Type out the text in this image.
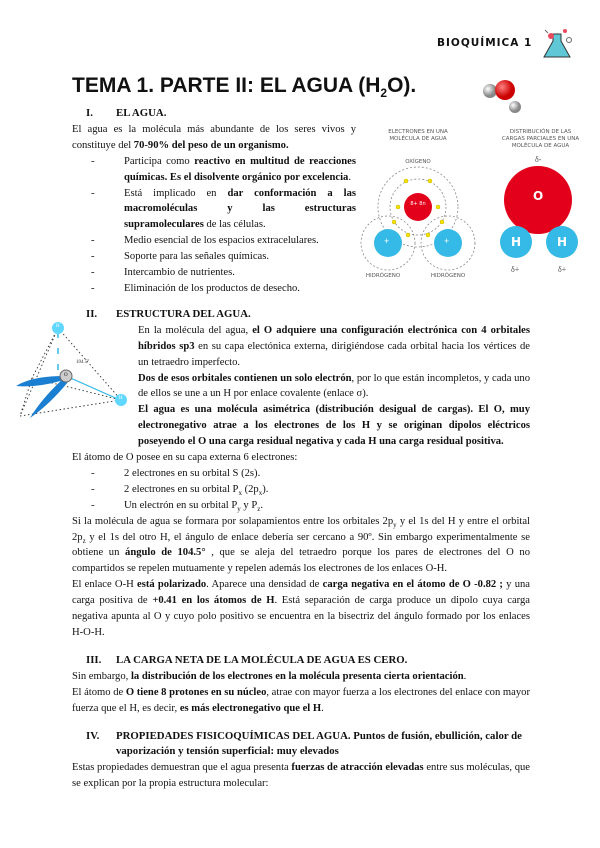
BIOQUÍMICA 1
TEMA 1. PARTE II: EL AGUA $(H_2O)$.
ELECTRONES EN UNA MOLÉCULA DE AGUA
DISTRIBUCIÓN DE LAS CARGAS PARCIALES EN UNA MOLÉCULA DE AGUA
OXÍGENO
HIDRÓGENO	HIDRÓGENO
8+ 8n
+	+
O
H	H
δ-
δ+	δ+
H
H
O
104.5°
I. EL AGUA.

El agua es la molécula más abundante de los seres vivos y constituye del 70-90% del peso de un organismo.

- Participa como reactivo en multitud de reacciones químicas. Es el disolvente orgánico por excelencia.
- Está implicado en dar conformación a las macromoléculas y las estructuras supramoleculares de las células.
- Medio esencial de los espacios extracelulares.
- Soporte para las señales químicas.
- Intercambio de nutrientes.
- Eliminación de los productos de desecho.
II. ESTRUCTURA DEL AGUA.

En la molécula del agua, el O adquiere una configuración electrónica con 4 orbitales híbridos sp3 en su capa electónica externa, dirigiéndose cada orbital hacia los vértices de un tetraedro imperfecto.

Dos de esos orbitales contienen un solo electrón, por lo que están incompletos, y cada uno de ellos se une a un H por enlace covalente (enlace σ).

El agua es una molécula asimétrica (distribución desigual de cargas). El O, muy electronegativo atrae a los electrones de los H y se originan dipolos eléctricos poseyendo el O una carga residual negativa y cada H una carga residual positiva.

El átomo de O posee en su capa externa 6 electrones:

- 2 electrones en su orbital S (2s).
- 2 electrones en su orbital $P_x$ $(2p_x)$.
- Un electrón en su orbital $P_y$ y $P_z$.

Si la molécula de agua se formara por solapamientos entre los orbitales $2p_y$ y el 1s del H y entre el orbital $2p_z$ y el 1s del otro H, el ángulo de enlace debería ser cercano a 90º. Sin embargo experimentalmente se obtiene un ángulo de 104.5° , que se aleja del tetraedro porque los pares de electrones del O no compartidos se repelen mutuamente y repelen además los electrones de los enlaces O-H.

El enlace O-H está polarizado. Aparece una densidad de carga negativa en el átomo de O -0.82 ; y una carga positiva de +0.41 en los átomos de H. Está separación de carga produce un dipolo cuya carga negativa apunta al O y cuyo polo positivo se encuentra en la bisectriz del ángulo formado por los enlaces H-O-H.

III. LA CARGA NETA DE LA MOLÉCULA DE AGUA ES CERO.

Sin embargo, la distribución de los electrones en la molécula presenta cierta orientación.

El átomo de O tiene 8 protones en su núcleo, atrae con mayor fuerza a los electrones del enlace con mayor fuerza que el H, es decir, es más electronegativo que el H.

IV.	PROPIEDADES FISICOQUÍMICAS DEL AGUA. Puntos de fusión, ebullición, calor de vaporización y tensión superficial: muy elevados

Estas propiedades demuestran que el agua presenta fuerzas de atracción elevadas entre sus moléculas, que se explican por la propia estructura molecular:
